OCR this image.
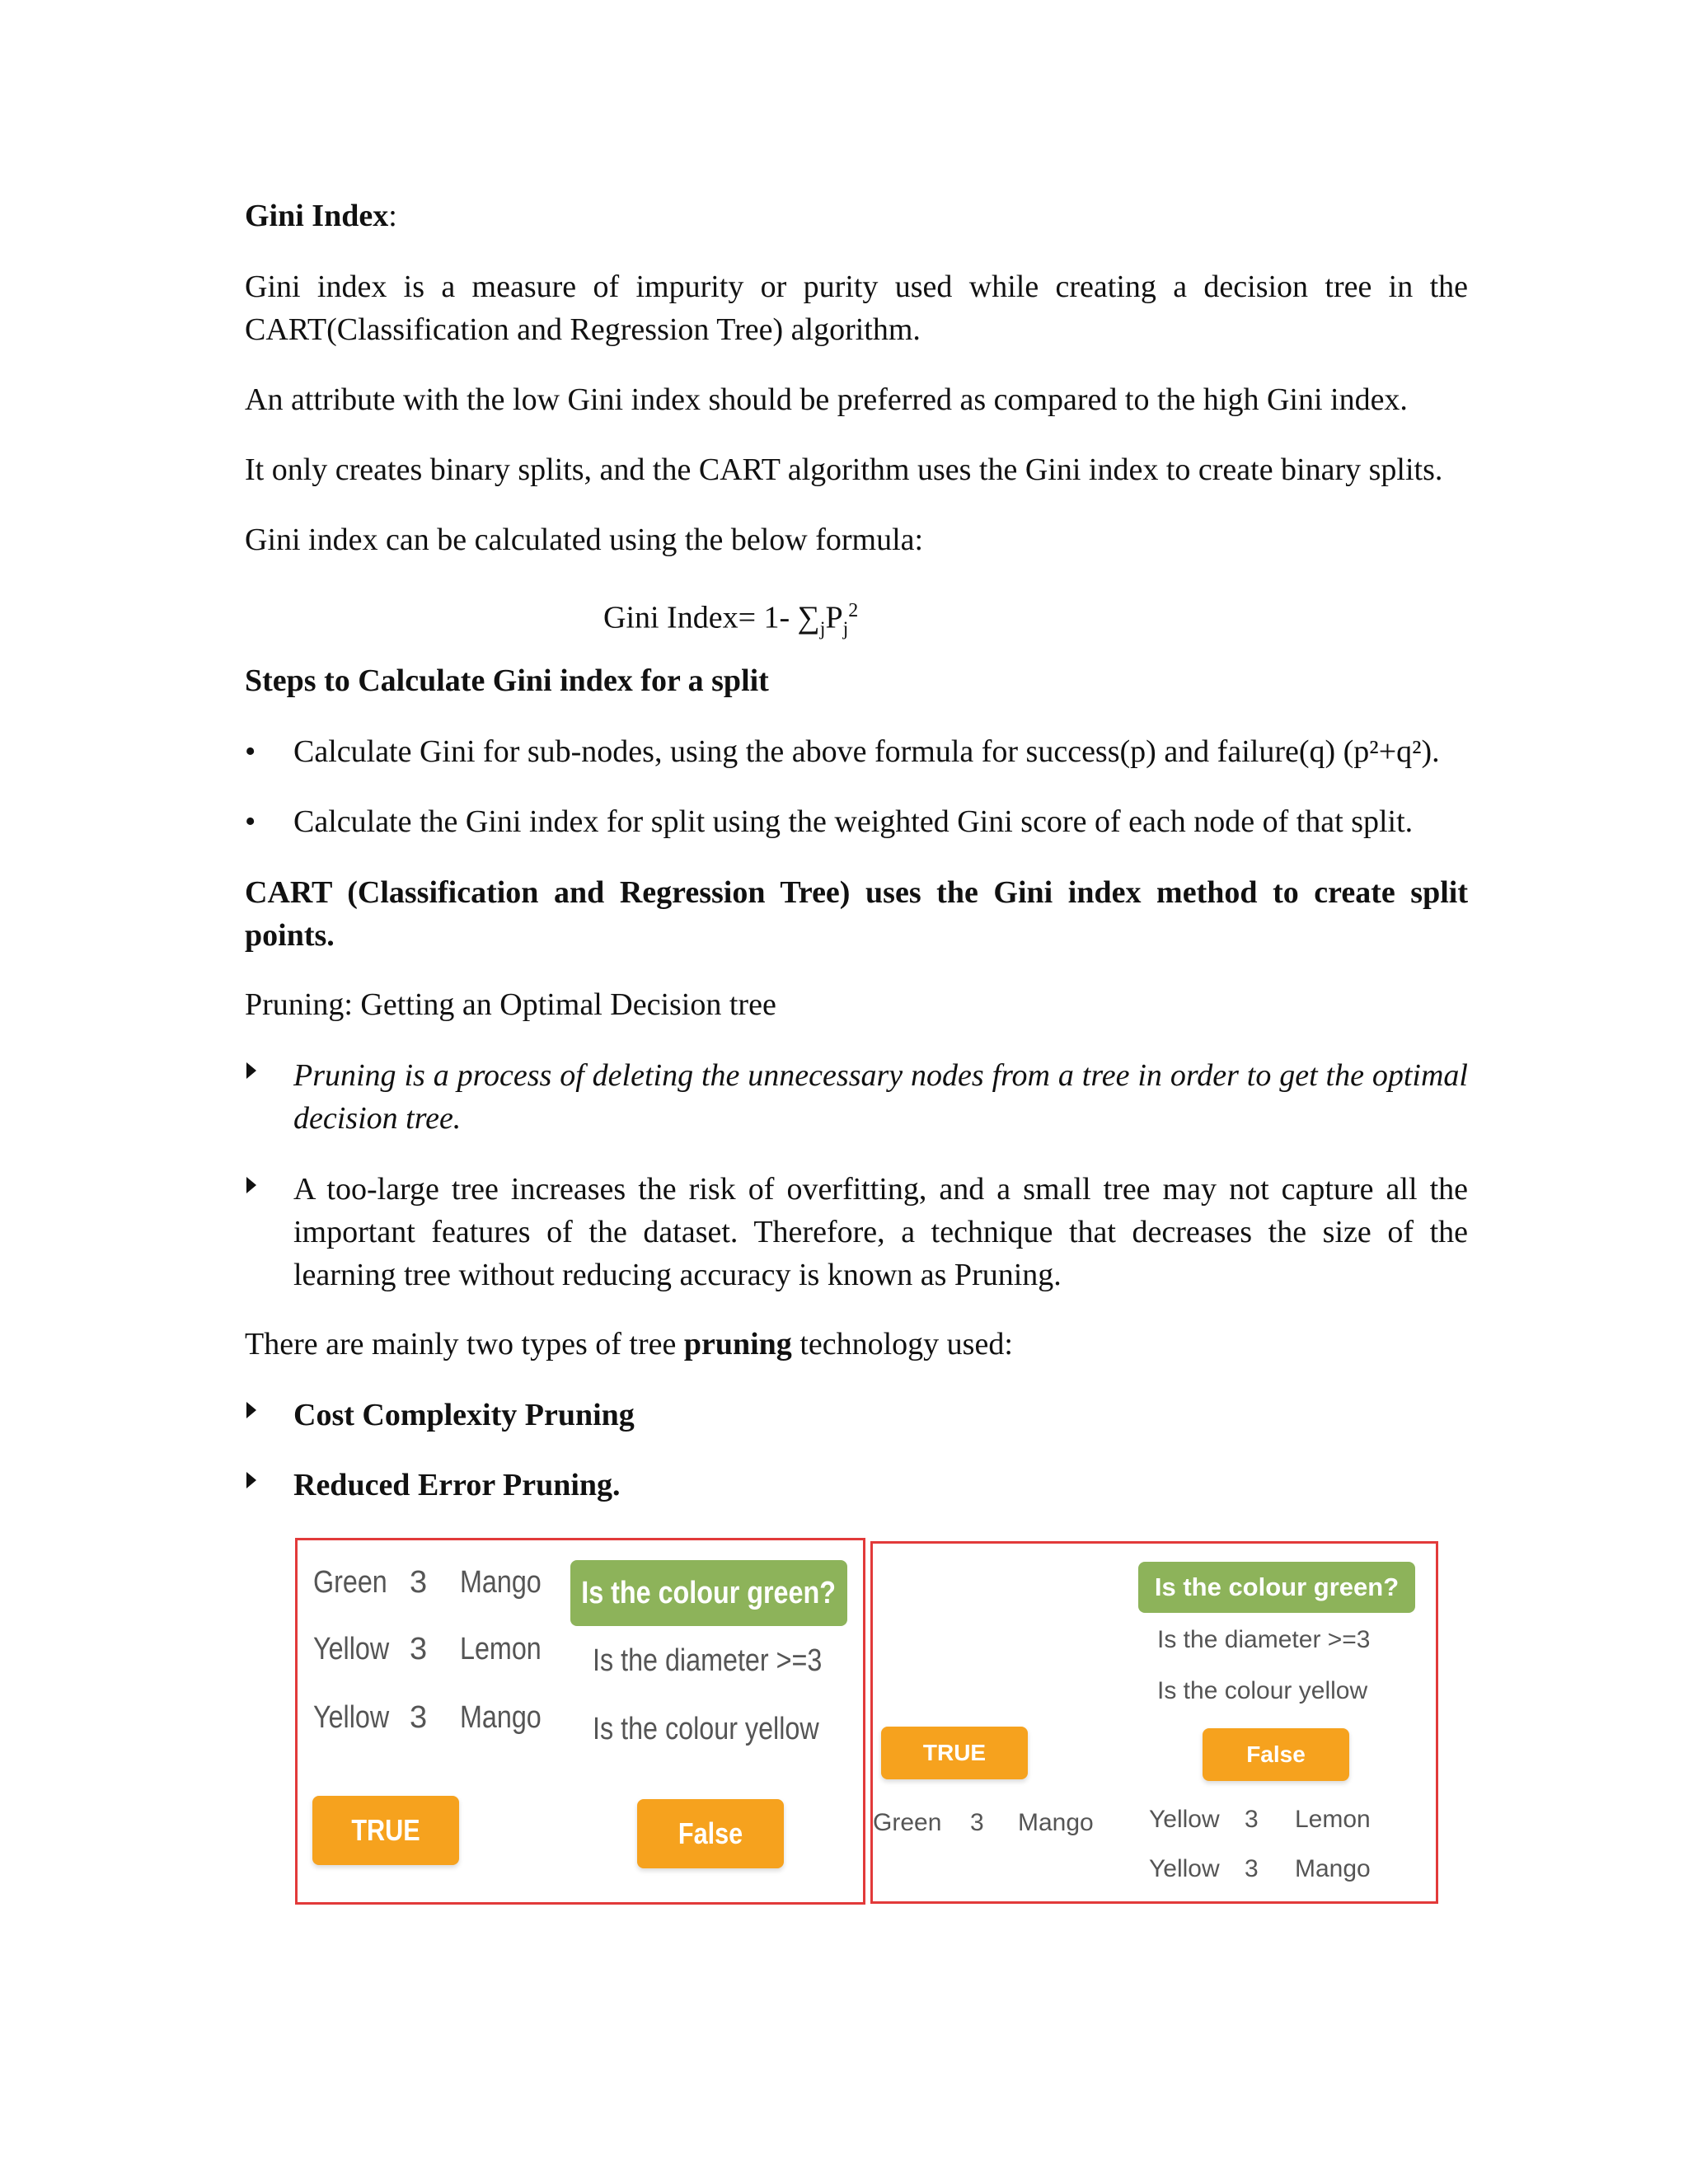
Gini Index:

Gini index is a measure of impurity or purity used while creating a decision tree in the CART(Classification and Regression Tree) algorithm.

An attribute with the low Gini index should be preferred as compared to the high Gini index.

It only creates binary splits, and the CART algorithm uses the Gini index to create binary splits.

Gini index can be calculated using the below formula:

Gini Index= 1- $\sum_jP_j^2$

Steps to Calculate Gini index for a split

• Calculate Gini for sub-nodes, using the above formula for success(p) and failure(q) (p²+q²).

• Calculate the Gini index for split using the weighted Gini score of each node of that split.

CART (Classification and Regression Tree) uses the Gini index method to create split points.

Pruning: Getting an Optimal Decision tree

Pruning is a process of deleting the unnecessary nodes from a tree in order to get the optimal decision tree.

A too-large tree increases the risk of overfitting, and a small tree may not capture all the important features of the dataset. Therefore, a technique that decreases the size of the learning tree without reducing accuracy is known as Pruning.

There are mainly two types of tree pruning technology used:

Cost Complexity Pruning

Reduced Error Pruning.

Green 3 Mango
Yellow 3 Lemon
Yellow 3 Mango
Is the colour green?
Is the diameter >=3
Is the colour yellow
TRUE	False
Is the colour green?
Is the diameter >=3
Is the colour yellow
TRUE	False
Green 3 Mango Yellow 3 Lemon
Yellow 3 Mango
